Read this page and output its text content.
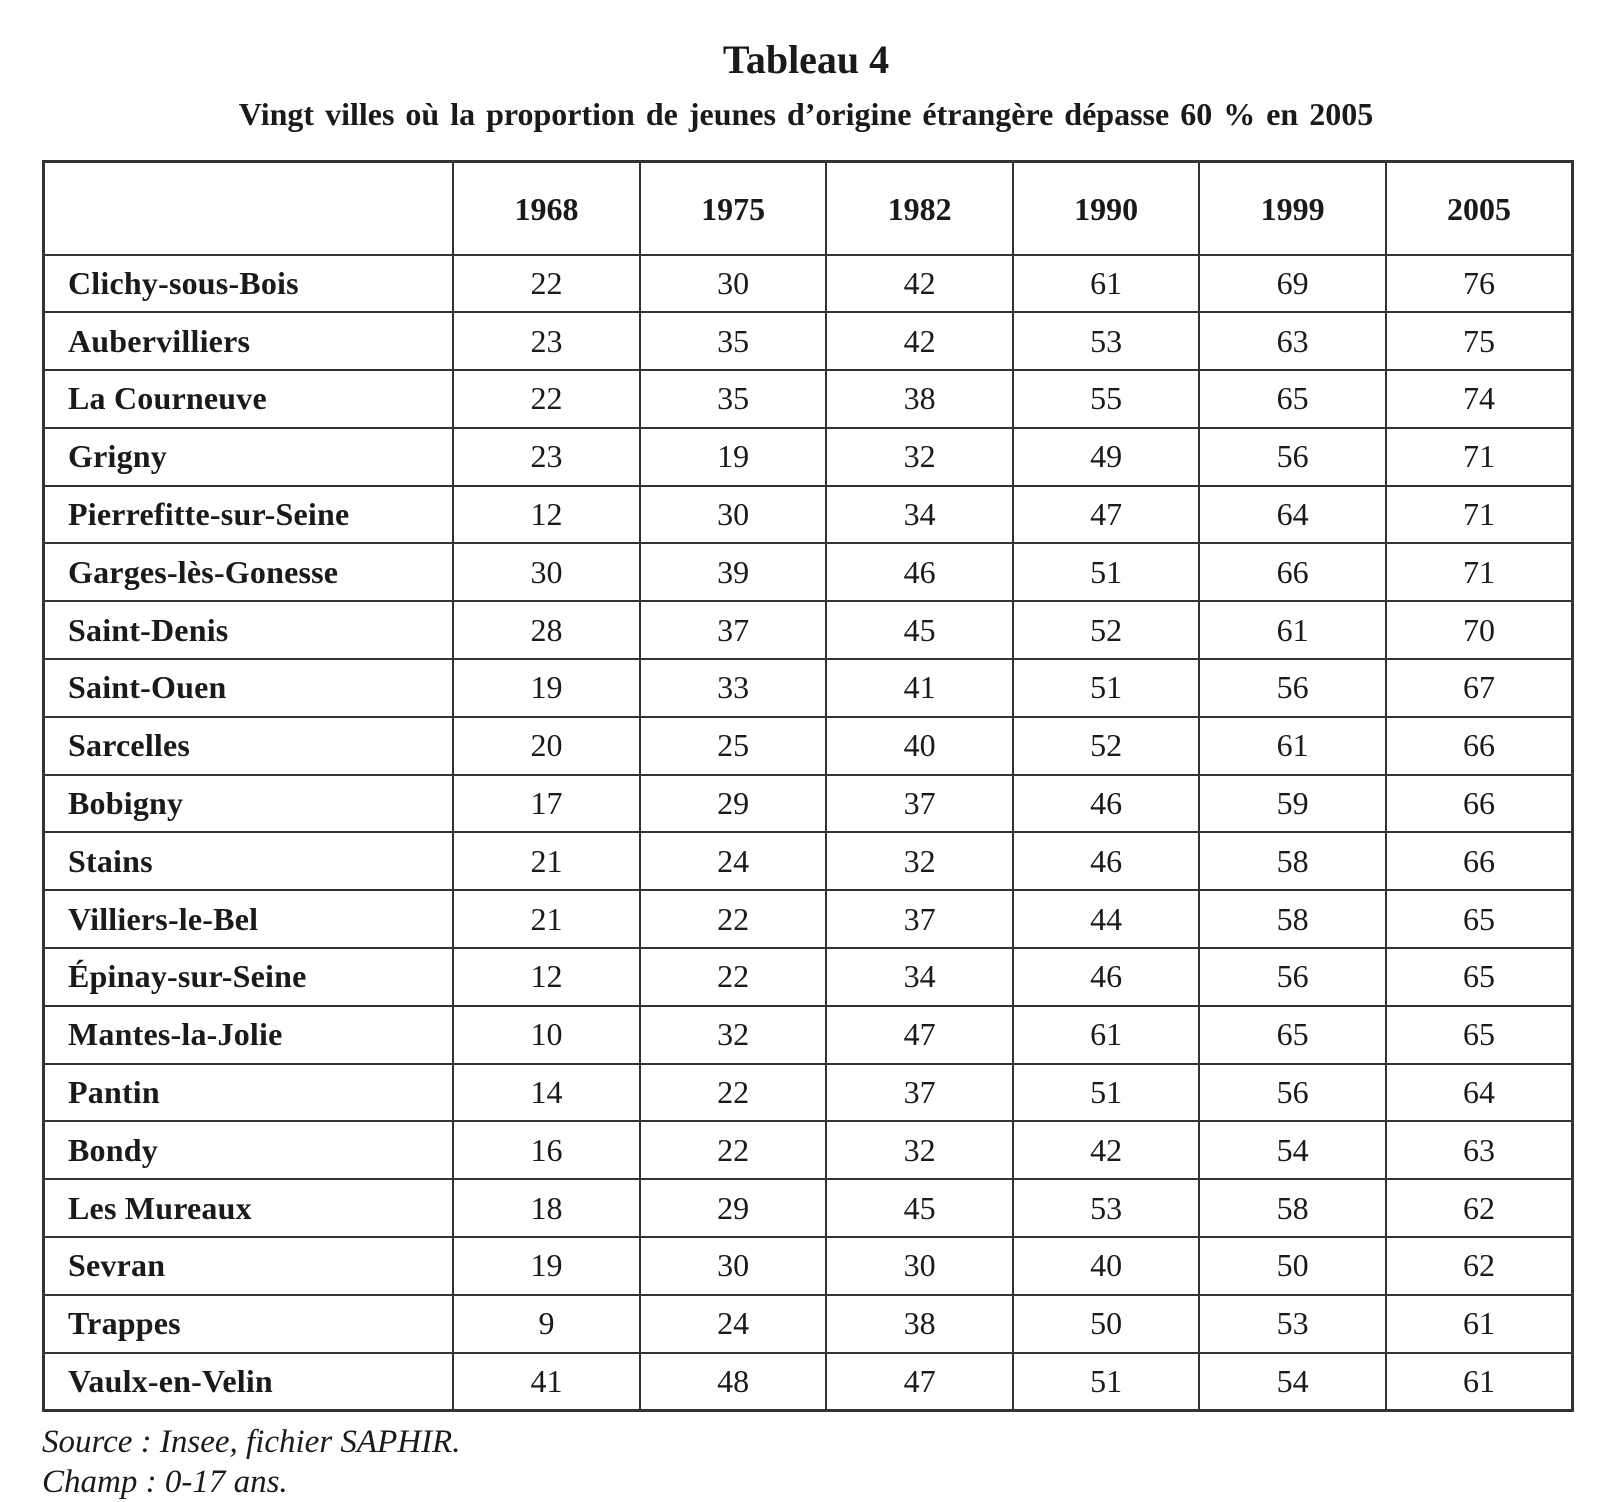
Tableau 4
Vingt villes où la proportion de jeunes d’origine étrangère dépasse 60 % en 2005
	1968	1975	1982	1990	1999	2005
Clichy-sous-Bois	22	30	42	61	69	76
Aubervilliers	23	35	42	53	63	75
La Courneuve	22	35	38	55	65	74
Grigny	23	19	32	49	56	71
Pierrefitte-sur-Seine	12	30	34	47	64	71
Garges-lès-Gonesse	30	39	46	51	66	71
Saint-Denis	28	37	45	52	61	70
Saint-Ouen	19	33	41	51	56	67
Sarcelles	20	25	40	52	61	66
Bobigny	17	29	37	46	59	66
Stains	21	24	32	46	58	66
Villiers-le-Bel	21	22	37	44	58	65
Épinay-sur-Seine	12	22	34	46	56	65
Mantes-la-Jolie	10	32	47	61	65	65
Pantin	14	22	37	51	56	64
Bondy	16	22	32	42	54	63
Les Mureaux	18	29	45	53	58	62
Sevran	19	30	30	40	50	62
Trappes	9	24	38	50	53	61
Vaulx-en-Velin	41	48	47	51	54	61
Source : Insee, fichier SAPHIR.
Champ : 0-17 ans.
